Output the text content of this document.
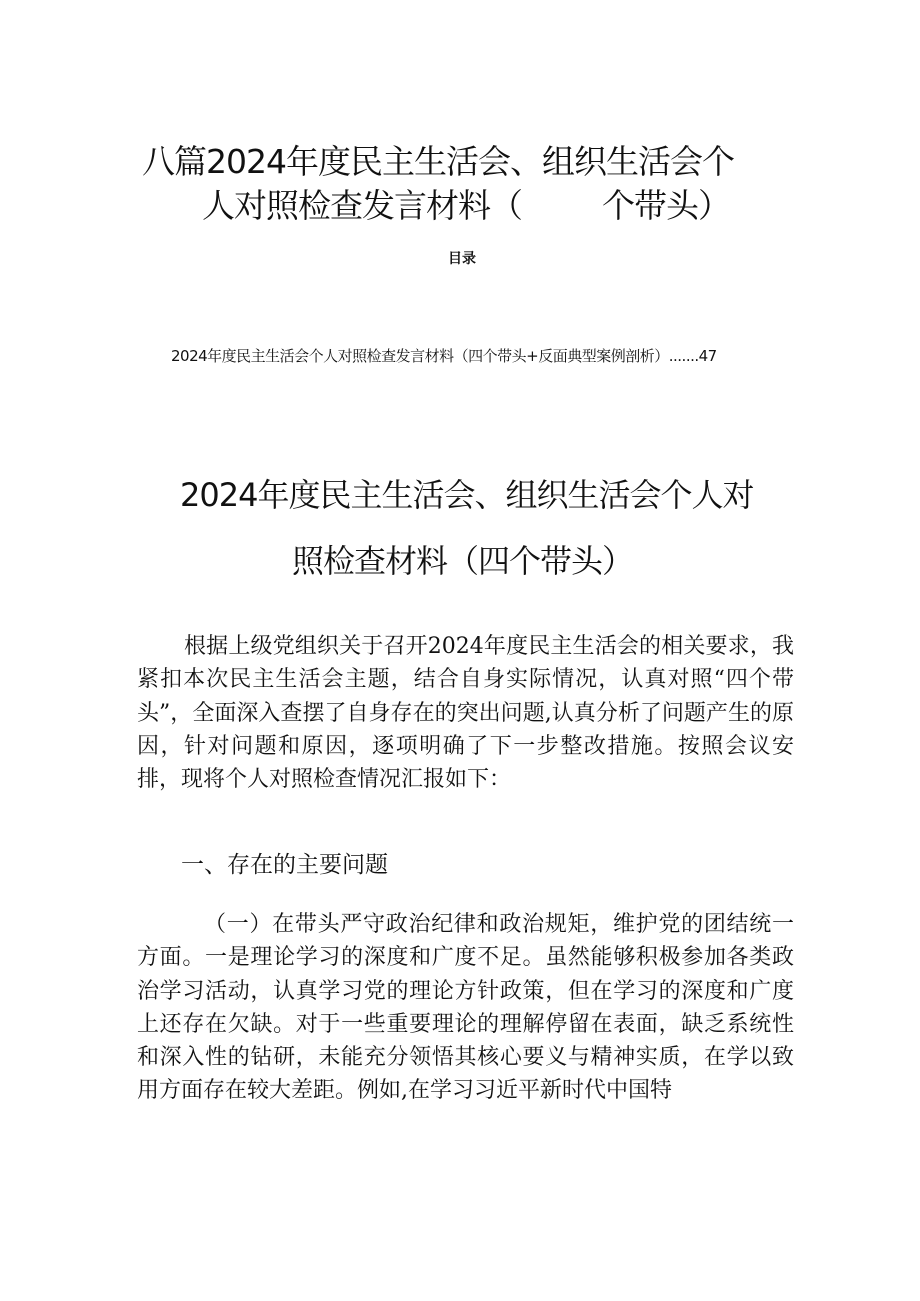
八篇2024年度民主生活会、组织生活会个
人对照检查发言材料（ 个带头）
目录
2024年度民主生活会个人对照检查发言材料（四个带头+反面典型案例剖析）.......47
2024年度民主生活会、组织生活会个人对
照检查材料（四个带头）
根据上级党组织关于召开2024年度民主生活会的相关要求，我紧扣本次民主生活会主题，结合自身实际情况，认真对照“四个带头”，全面深入查摆了自身存在的突出问题,认真分析了问题产生的原因，针对问题和原因，逐项明确了下一步整改措施。按照会议安排，现将个人对照检查情况汇报如下：
一、存在的主要问题
（一）在带头严守政治纪律和政治规矩，维护党的团结统一方面。一是理论学习的深度和广度不足。虽然能够积极参加各类政治学习活动，认真学习党的理论方针政策，但在学习的深度和广度上还存在欠缺。对于一些重要理论的理解停留在表面，缺乏系统性和深入性的钻研，未能充分领悟其核心要义与精神实质，在学以致用方面存在较大差距。例如,在学习习近平新时代中国特
